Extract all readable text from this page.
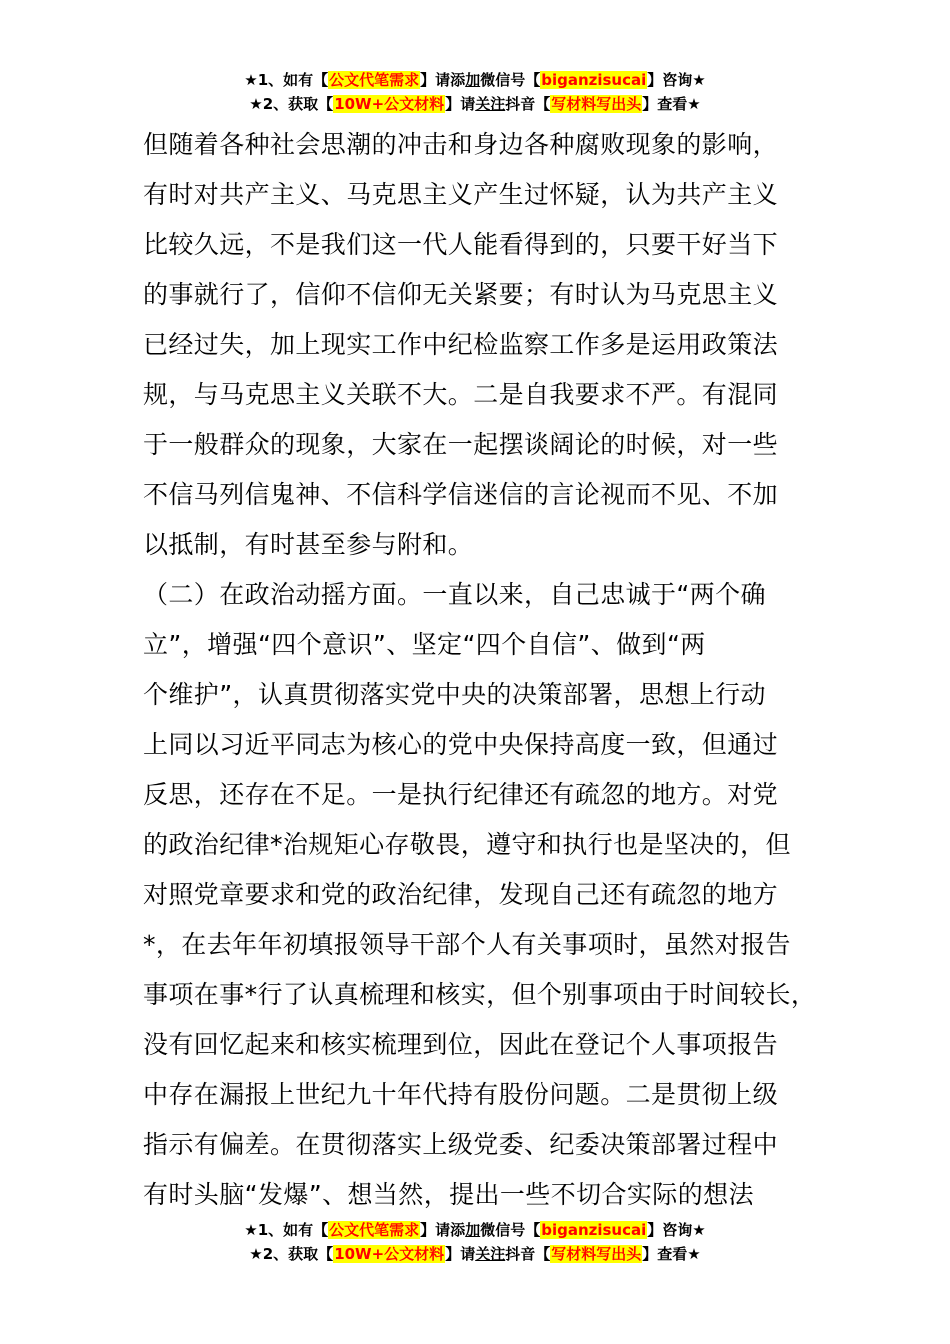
★1、如有【公文代笔需求】请添加微信号【biganzisucai】咨询★
★2、获取【10W+公文材料】请关注抖音【写材料写出头】查看★
但随着各种社会思潮的冲击和身边各种腐败现象的影响，
有时对共产主义、马克思主义产生过怀疑，认为共产主义
比较久远，不是我们这一代人能看得到的，只要干好当下
的事就行了，信仰不信仰无关紧要；有时认为马克思主义
已经过失，加上现实工作中纪检监察工作多是运用政策法
规，与马克思主义关联不大。二是自我要求不严。有混同
于一般群众的现象，大家在一起摆谈阔论的时候，对一些
不信马列信鬼神、不信科学信迷信的言论视而不见、不加
以抵制，有时甚至参与附和。
（二）在政治动摇方面。一直以来，自己忠诚于“两个确
立”，增强“四个意识”、坚定“四个自信”、做到“两
个维护”，认真贯彻落实党中央的决策部署，思想上行动
上同以习近平同志为核心的党中央保持高度一致，但通过
反思，还存在不足。一是执行纪律还有疏忽的地方。对党
的政治纪律*治规矩心存敬畏，遵守和执行也是坚决的，但
对照党章要求和党的政治纪律，发现自己还有疏忽的地方
*，在去年年初填报领导干部个人有关事项时，虽然对报告
事项在事*行了认真梳理和核实，但个别事项由于时间较长，
没有回忆起来和核实梳理到位，因此在登记个人事项报告
中存在漏报上世纪九十年代持有股份问题。二是贯彻上级
指示有偏差。在贯彻落实上级党委、纪委决策部署过程中
有时头脑“发爆”、想当然，提出一些不切合实际的想法
★1、如有【公文代笔需求】请添加微信号【biganzisucai】咨询★
★2、获取【10W+公文材料】请关注抖音【写材料写出头】查看★
